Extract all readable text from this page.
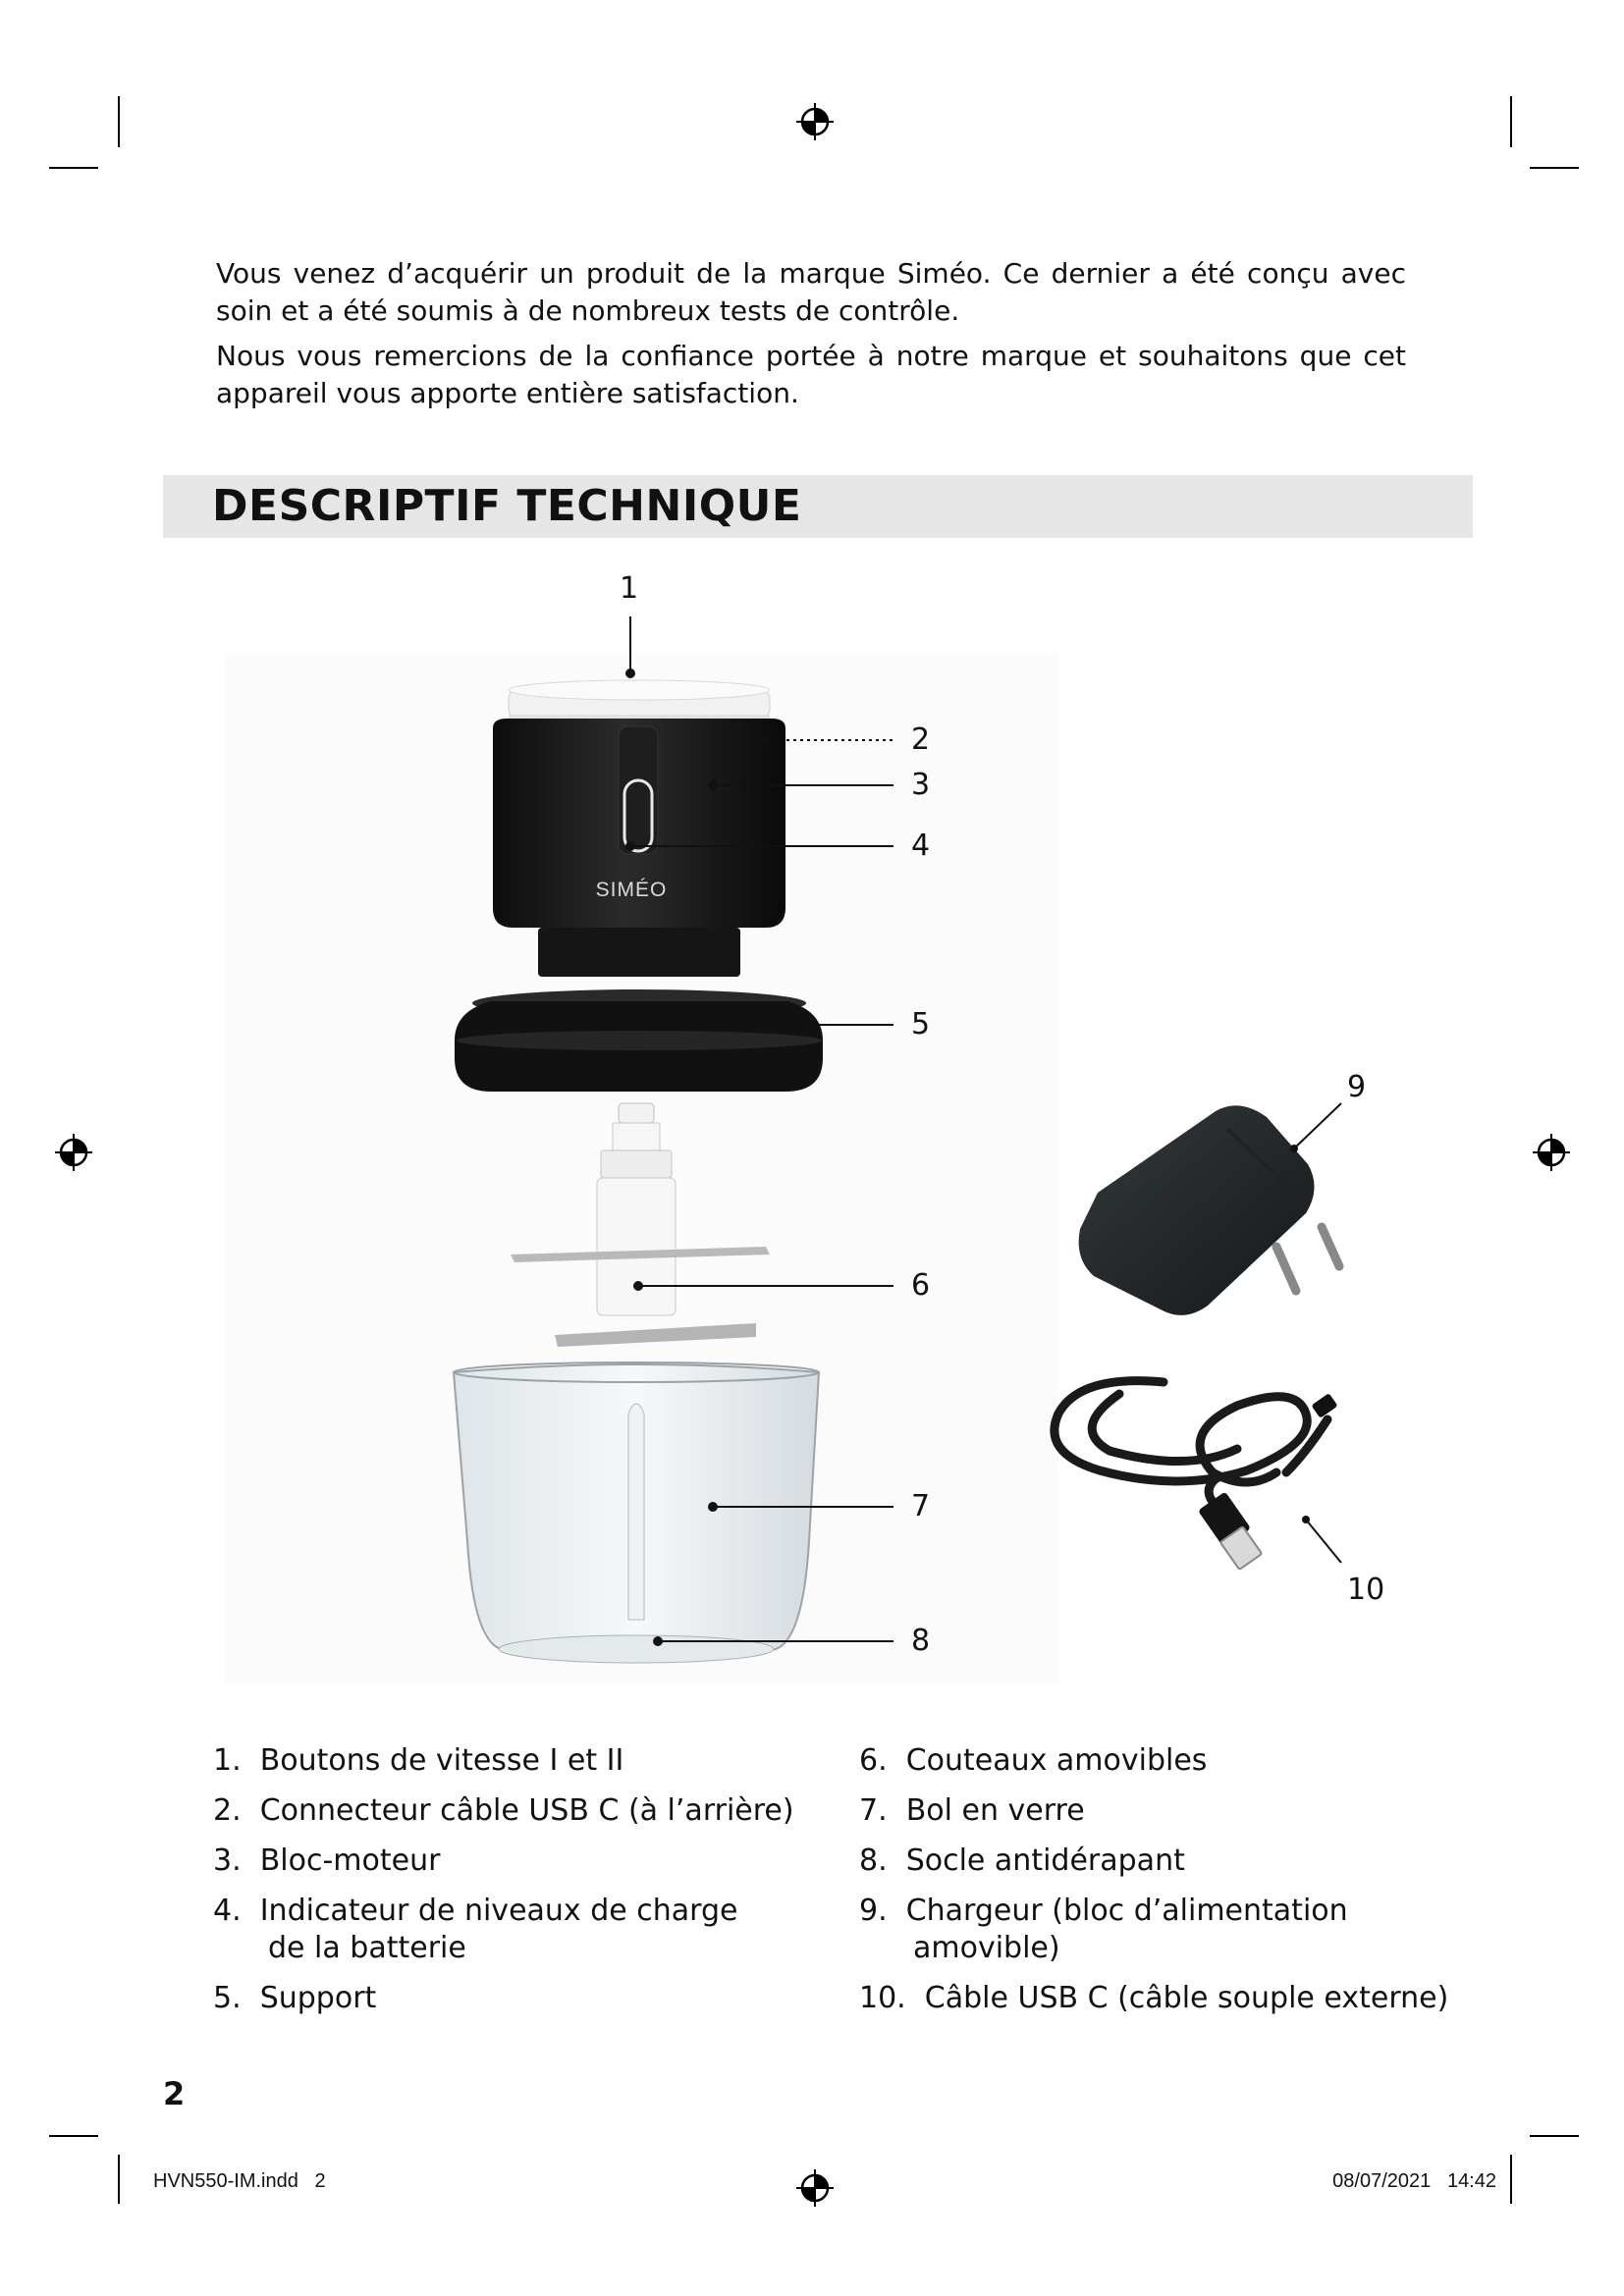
Vous venez d’acquérir un produit de la marque Siméo. Ce dernier a été conçu avec soin et a été soumis à de nombreux tests de contrôle.

Nous vous remercions de la confiance portée à notre marque et souhaitons que cet appareil vous apporte entière satisfaction.

DESCRIPTIF TECHNIQUE
SIMÉO
1
2
3
4
5
6
7
8
9
10
1. Boutons de vitesse I et II
2. Connecteur câble USB C (à l’arrière)
3. Bloc-moteur
4. Indicateur de niveaux de charge
de la batterie
5. Support
6. Couteaux amovibles
7. Bol en verre
8. Socle antidérapant
9. Chargeur (bloc d’alimentation
amovible)
10. Câble USB C (câble souple externe)
2
HVN550-IM.indd   2	08/07/2021   14:42
